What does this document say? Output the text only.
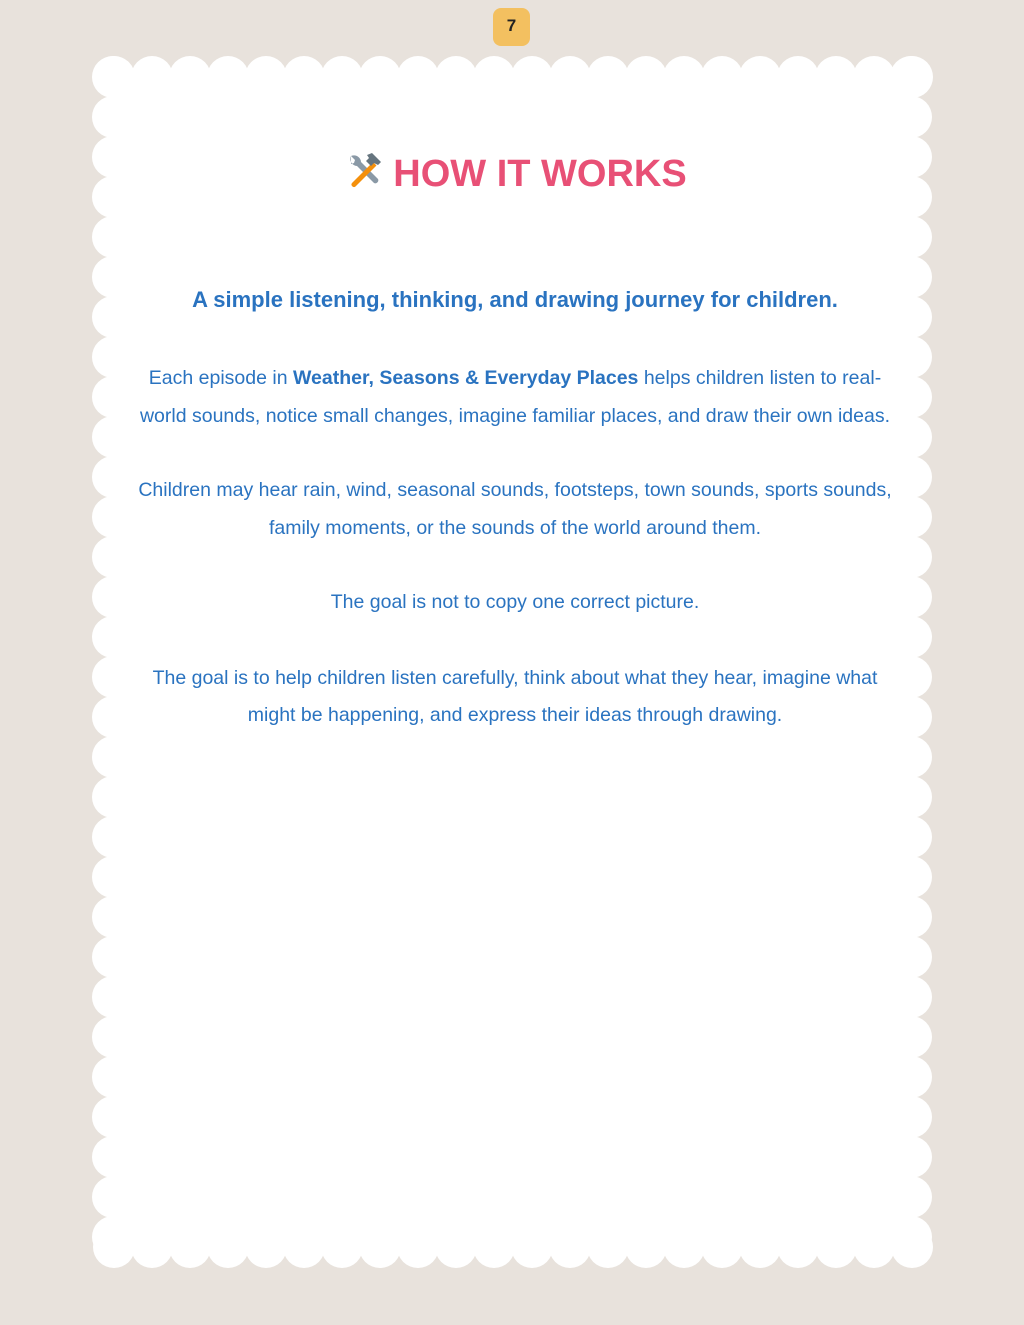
7
HOW IT WORKS
A simple listening, thinking, and drawing journey for children.

Each episode in Weather, Seasons & Everyday Places helps children listen to real-world sounds, notice small changes, imagine familiar places, and draw their own ideas.

Children may hear rain, wind, seasonal sounds, footsteps, town sounds, sports sounds, family moments, or the sounds of the world around them.

The goal is not to copy one correct picture.

The goal is to help children listen carefully, think about what they hear, imagine what might be happening, and express their ideas through drawing.
